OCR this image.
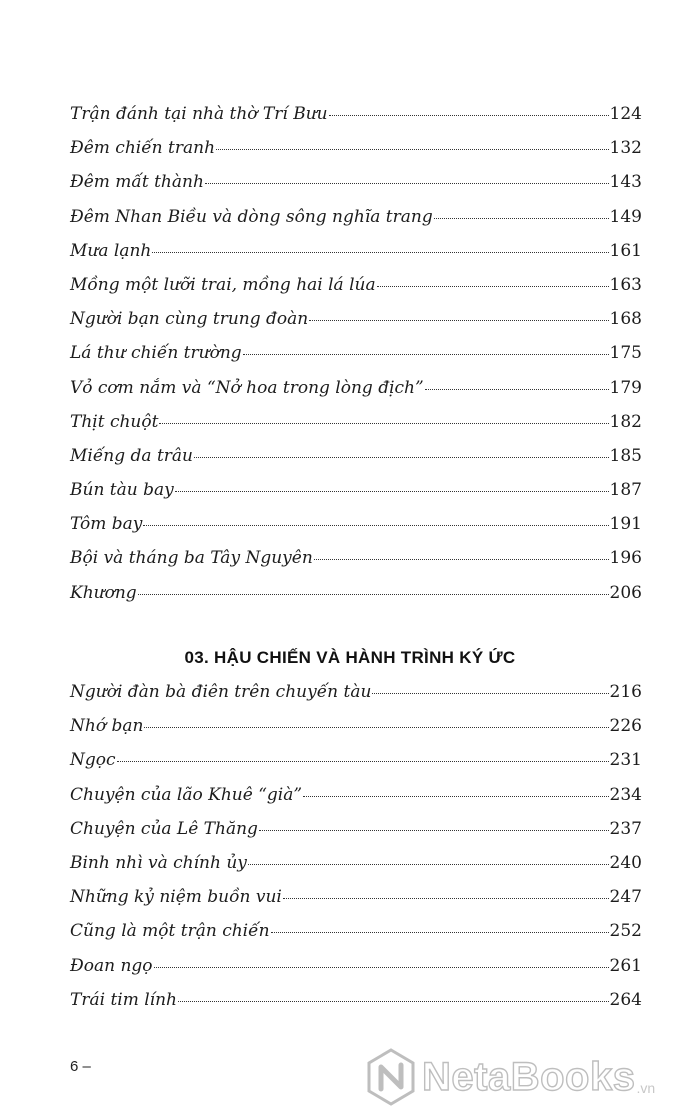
Trận đánh tại nhà thờ Trí Bưu	124
Đêm chiến tranh	132
Đêm mất thành	143
Đêm Nhan Biều và dòng sông nghĩa trang	149
Mưa lạnh	161
Mồng một lưỡi trai, mồng hai lá lúa	163
Người bạn cùng trung đoàn	168
Lá thư chiến trường	175
Vỏ cơm nắm và “Nở hoa trong lòng địch”	179
Thịt chuột	182
Miếng da trâu	185
Bún tàu bay	187
Tôm bay	191
Bội và tháng ba Tây Nguyên	196
Khương	206
03. HẬU CHIẾN VÀ HÀNH TRÌNH KÝ ỨC
Người đàn bà điên trên chuyến tàu	216
Nhớ bạn	226
Ngọc	231
Chuyện của lão Khuê “già”	234
Chuyện của Lê Thăng	237
Binh nhì và chính ủy	240
Những kỷ niệm buồn vui	247
Cũng là một trận chiến	252
Đoan ngọ	261
Trái tim lính	264
6 –	NetaBooks .vn
